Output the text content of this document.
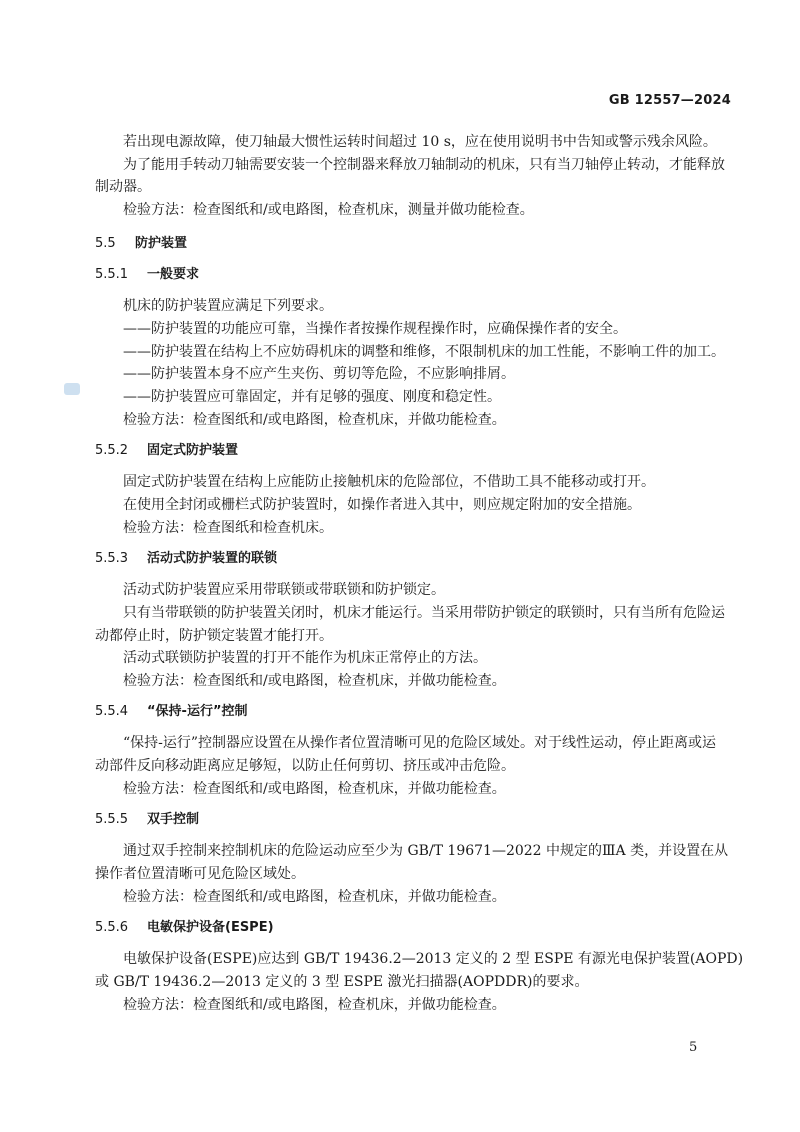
GB 12557—2024
若出现电源故障，使刀轴最大惯性运转时间超过 10 s，应在使用说明书中告知或警示残余风险。
为了能用手转动刀轴需要安装一个控制器来释放刀轴制动的机床，只有当刀轴停止转动，才能释放
制动器。
检验方法：检查图纸和/或电路图，检查机床，测量并做功能检查。
5.5 防护装置
5.5.1 一般要求
机床的防护装置应满足下列要求。
——防护装置的功能应可靠，当操作者按操作规程操作时，应确保操作者的安全。
——防护装置在结构上不应妨碍机床的调整和维修，不限制机床的加工性能，不影响工件的加工。
——防护装置本身不应产生夹伤、剪切等危险，不应影响排屑。
——防护装置应可靠固定，并有足够的强度、刚度和稳定性。
检验方法：检查图纸和/或电路图，检查机床，并做功能检查。
5.5.2 固定式防护装置
固定式防护装置在结构上应能防止接触机床的危险部位，不借助工具不能移动或打开。
在使用全封闭或栅栏式防护装置时，如操作者进入其中，则应规定附加的安全措施。
检验方法：检查图纸和检查机床。
5.5.3 活动式防护装置的联锁
活动式防护装置应采用带联锁或带联锁和防护锁定。
只有当带联锁的防护装置关闭时，机床才能运行。当采用带防护锁定的联锁时，只有当所有危险运
动都停止时，防护锁定装置才能打开。
活动式联锁防护装置的打开不能作为机床正常停止的方法。
检验方法：检查图纸和/或电路图，检查机床，并做功能检查。
5.5.4 “保持-运行”控制
“保持-运行”控制器应设置在从操作者位置清晰可见的危险区域处。对于线性运动，停止距离或运
动部件反向移动距离应足够短，以防止任何剪切、挤压或冲击危险。
检验方法：检查图纸和/或电路图，检查机床，并做功能检查。
5.5.5 双手控制
通过双手控制来控制机床的危险运动应至少为 GB/T 19671—2022 中规定的ⅢA 类，并设置在从
操作者位置清晰可见危险区域处。
检验方法：检查图纸和/或电路图，检查机床，并做功能检查。
5.5.6 电敏保护设备(ESPE)
电敏保护设备(ESPE)应达到 GB/T 19436.2—2013 定义的 2 型 ESPE 有源光电保护装置(AOPD)
或 GB/T 19436.2—2013 定义的 3 型 ESPE 激光扫描器(AOPDDR)的要求。
检验方法：检查图纸和/或电路图，检查机床，并做功能检查。
5
